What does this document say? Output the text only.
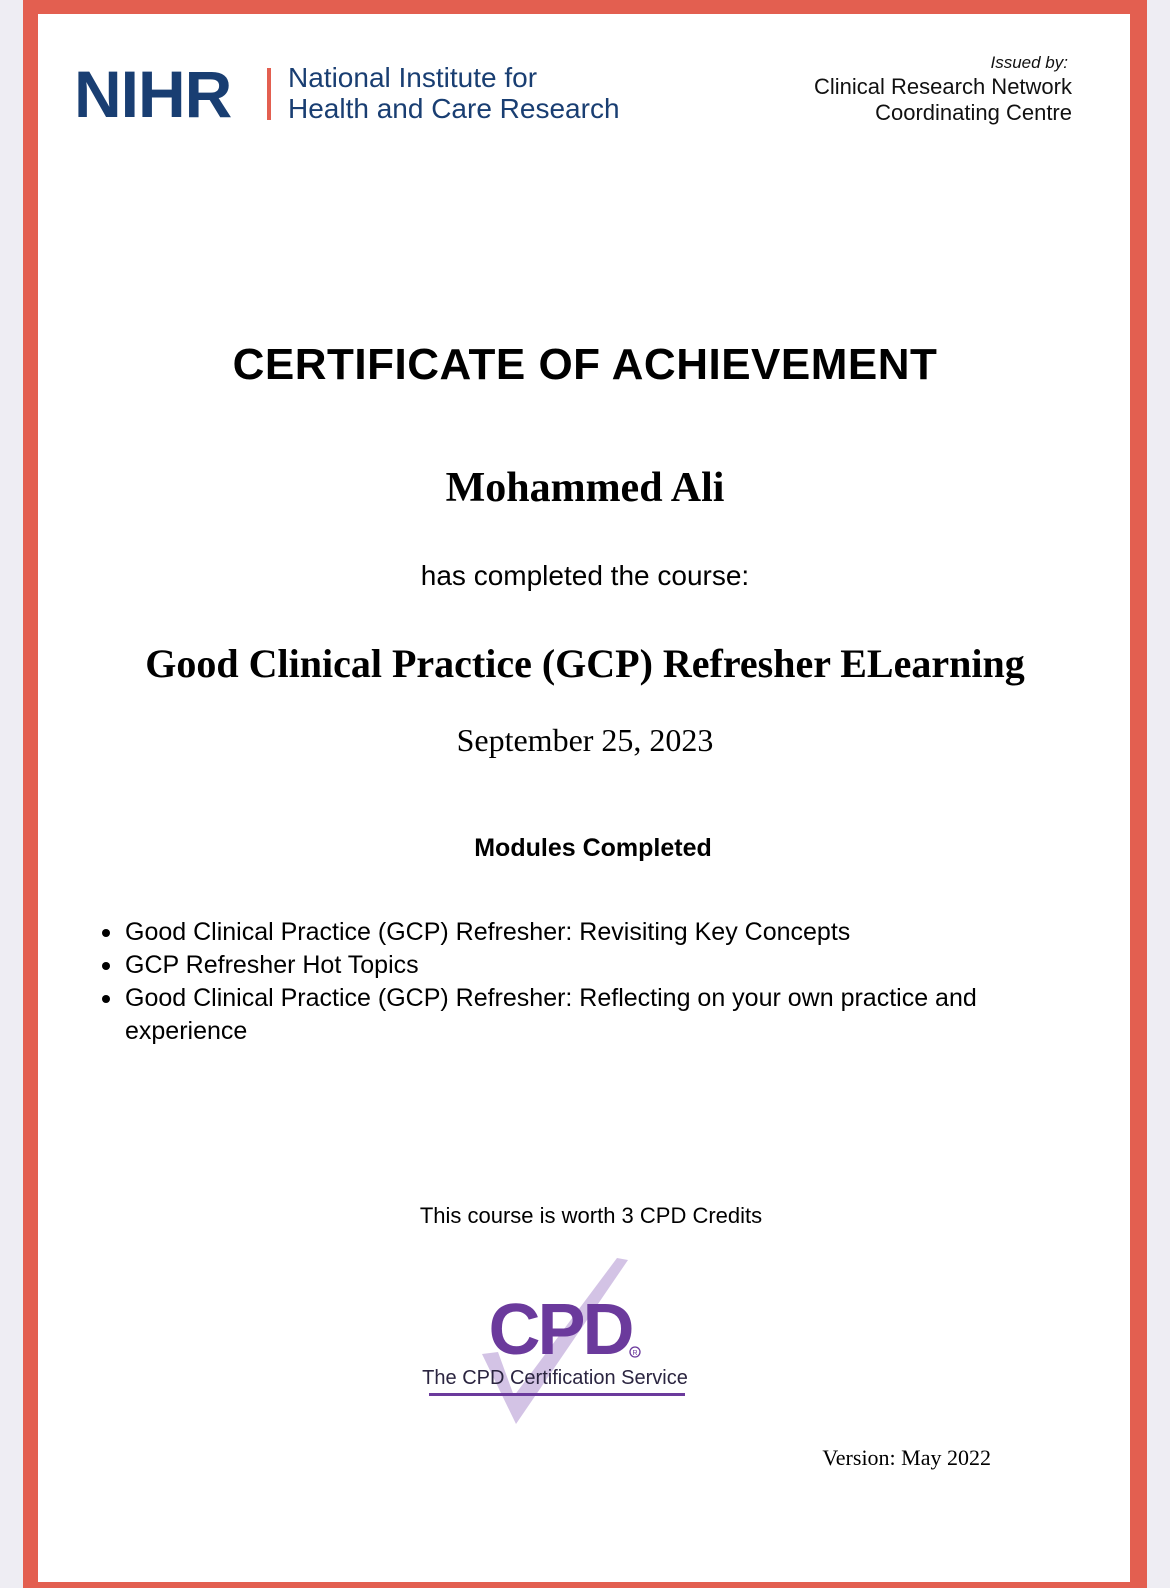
NIHR National Institute for
Health and Care Research
Issued by:
Clinical Research Network
Coordinating Centre
CERTIFICATE OF ACHIEVEMENT
Mohammed Ali
has completed the course:
Good Clinical Practice (GCP) Refresher ELearning
September 25, 2023
Modules Completed
Good Clinical Practice (GCP) Refresher: Revisiting Key Concepts
GCP Refresher Hot Topics
Good Clinical Practice (GCP) Refresher: Reflecting on your own practice and experience
This course is worth 3 CPD Credits
CPD R
The CPD Certification Service
Version: May 2022
